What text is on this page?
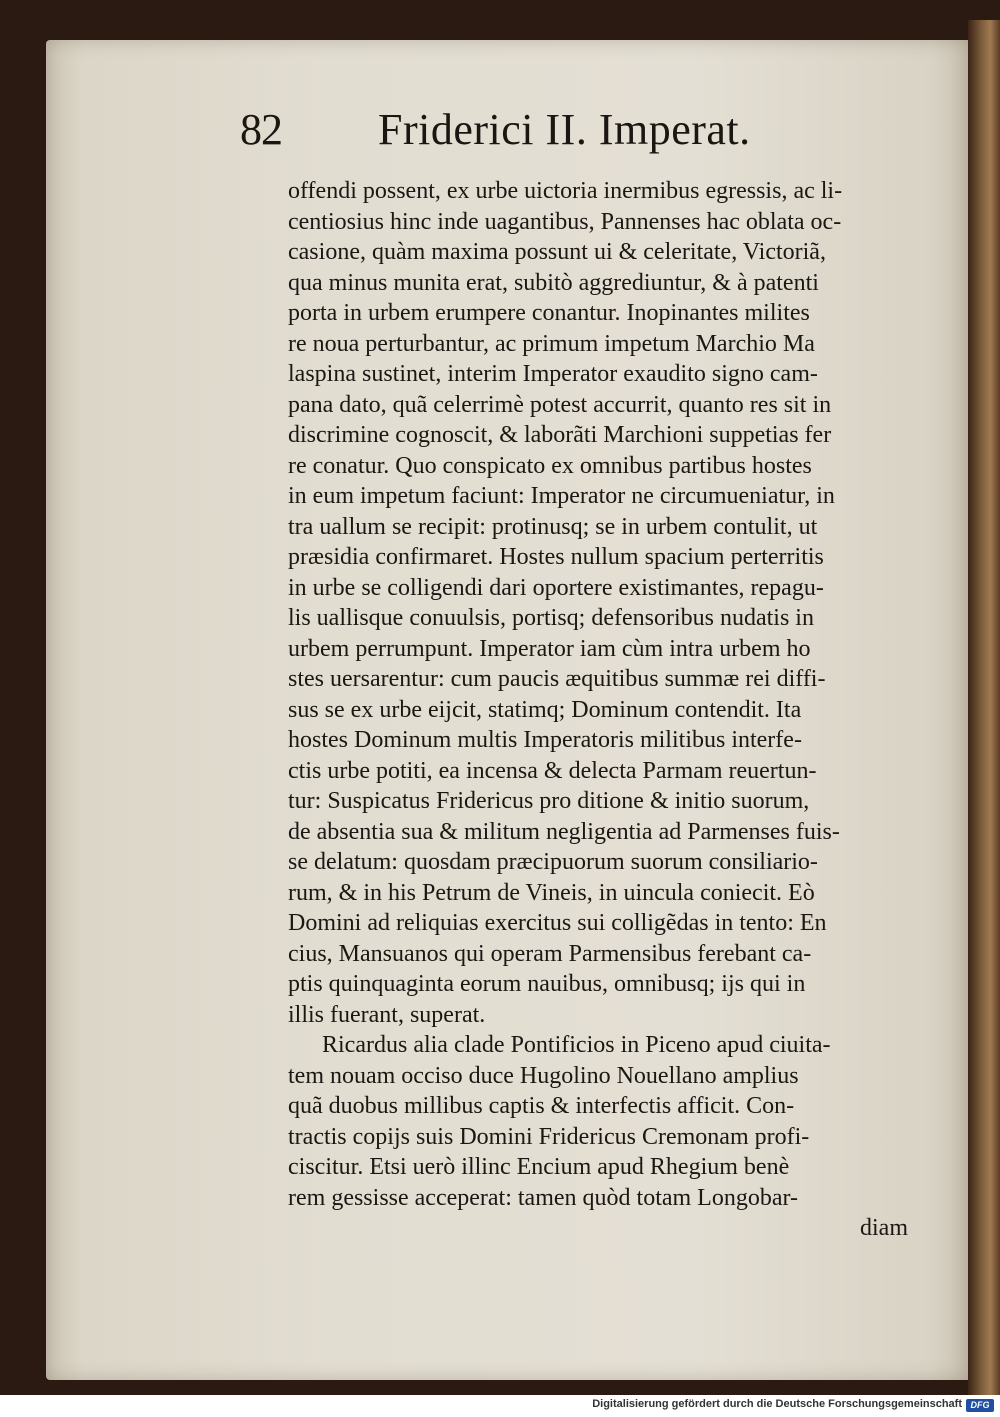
82 Friderici II. Imperat.
offendi possent, ex urbe uictoria inermibus egressis, ac li-
centiosius hinc inde uagantibus, Pannenses hac oblata oc-
casione, quàm maxima possunt ui & celeritate, Victoriã,
qua minus munita erat, subitò aggrediuntur, & à patenti
porta in urbem erumpere conantur. Inopinantes milites
re noua perturbantur, ac primum impetum Marchio Ma
laspina sustinet, interim Imperator exaudito signo cam-
pana dato, quã celerrimè potest accurrit, quanto res sit in
discrimine cognoscit, & laborãti Marchioni suppetias fer
re conatur. Quo conspicato ex omnibus partibus hostes
in eum impetum faciunt: Imperator ne circumueniatur, in
tra uallum se recipit: protinusq; se in urbem contulit, ut
præsidia confirmaret. Hostes nullum spacium perterritis
in urbe se colligendi dari oportere existimantes, repagu-
lis uallisque conuulsis, portisq; defensoribus nudatis in
urbem perrumpunt. Imperator iam cùm intra urbem ho
stes uersarentur: cum paucis æquitibus summæ rei diffi-
sus se ex urbe eijcit, statimq; Dominum contendit. Ita
hostes Dominum multis Imperatoris militibus interfe-
ctis urbe potiti, ea incensa & delecta Parmam reuertun-
tur: Suspicatus Fridericus pro ditione & initio suorum,
de absentia sua & militum negligentia ad Parmenses fuis-
se delatum: quosdam præcipuorum suorum consiliario-
rum, & in his Petrum de Vineis, in uincula coniecit. Eò
Domini ad reliquias exercitus sui colligẽdas in tento: En
cius, Mansuanos qui operam Parmensibus ferebant ca-
ptis quinquaginta eorum nauibus, omnibusq; ijs qui in
illis fuerant, superat.
Ricardus alia clade Pontificios in Piceno apud ciuita-
tem nouam occiso duce Hugolino Nouellano amplius
quã duobus millibus captis & interfectis afficit. Con-
tractis copijs suis Domini Fridericus Cremonam profi-
ciscitur. Etsi uerò illinc Encium apud Rhegium benè
rem gessisse acceperat: tamen quòd totam Longobar-
diam
Digitalisierung gefördert durch die Deutsche Forschungsgemeinschaft DFG
